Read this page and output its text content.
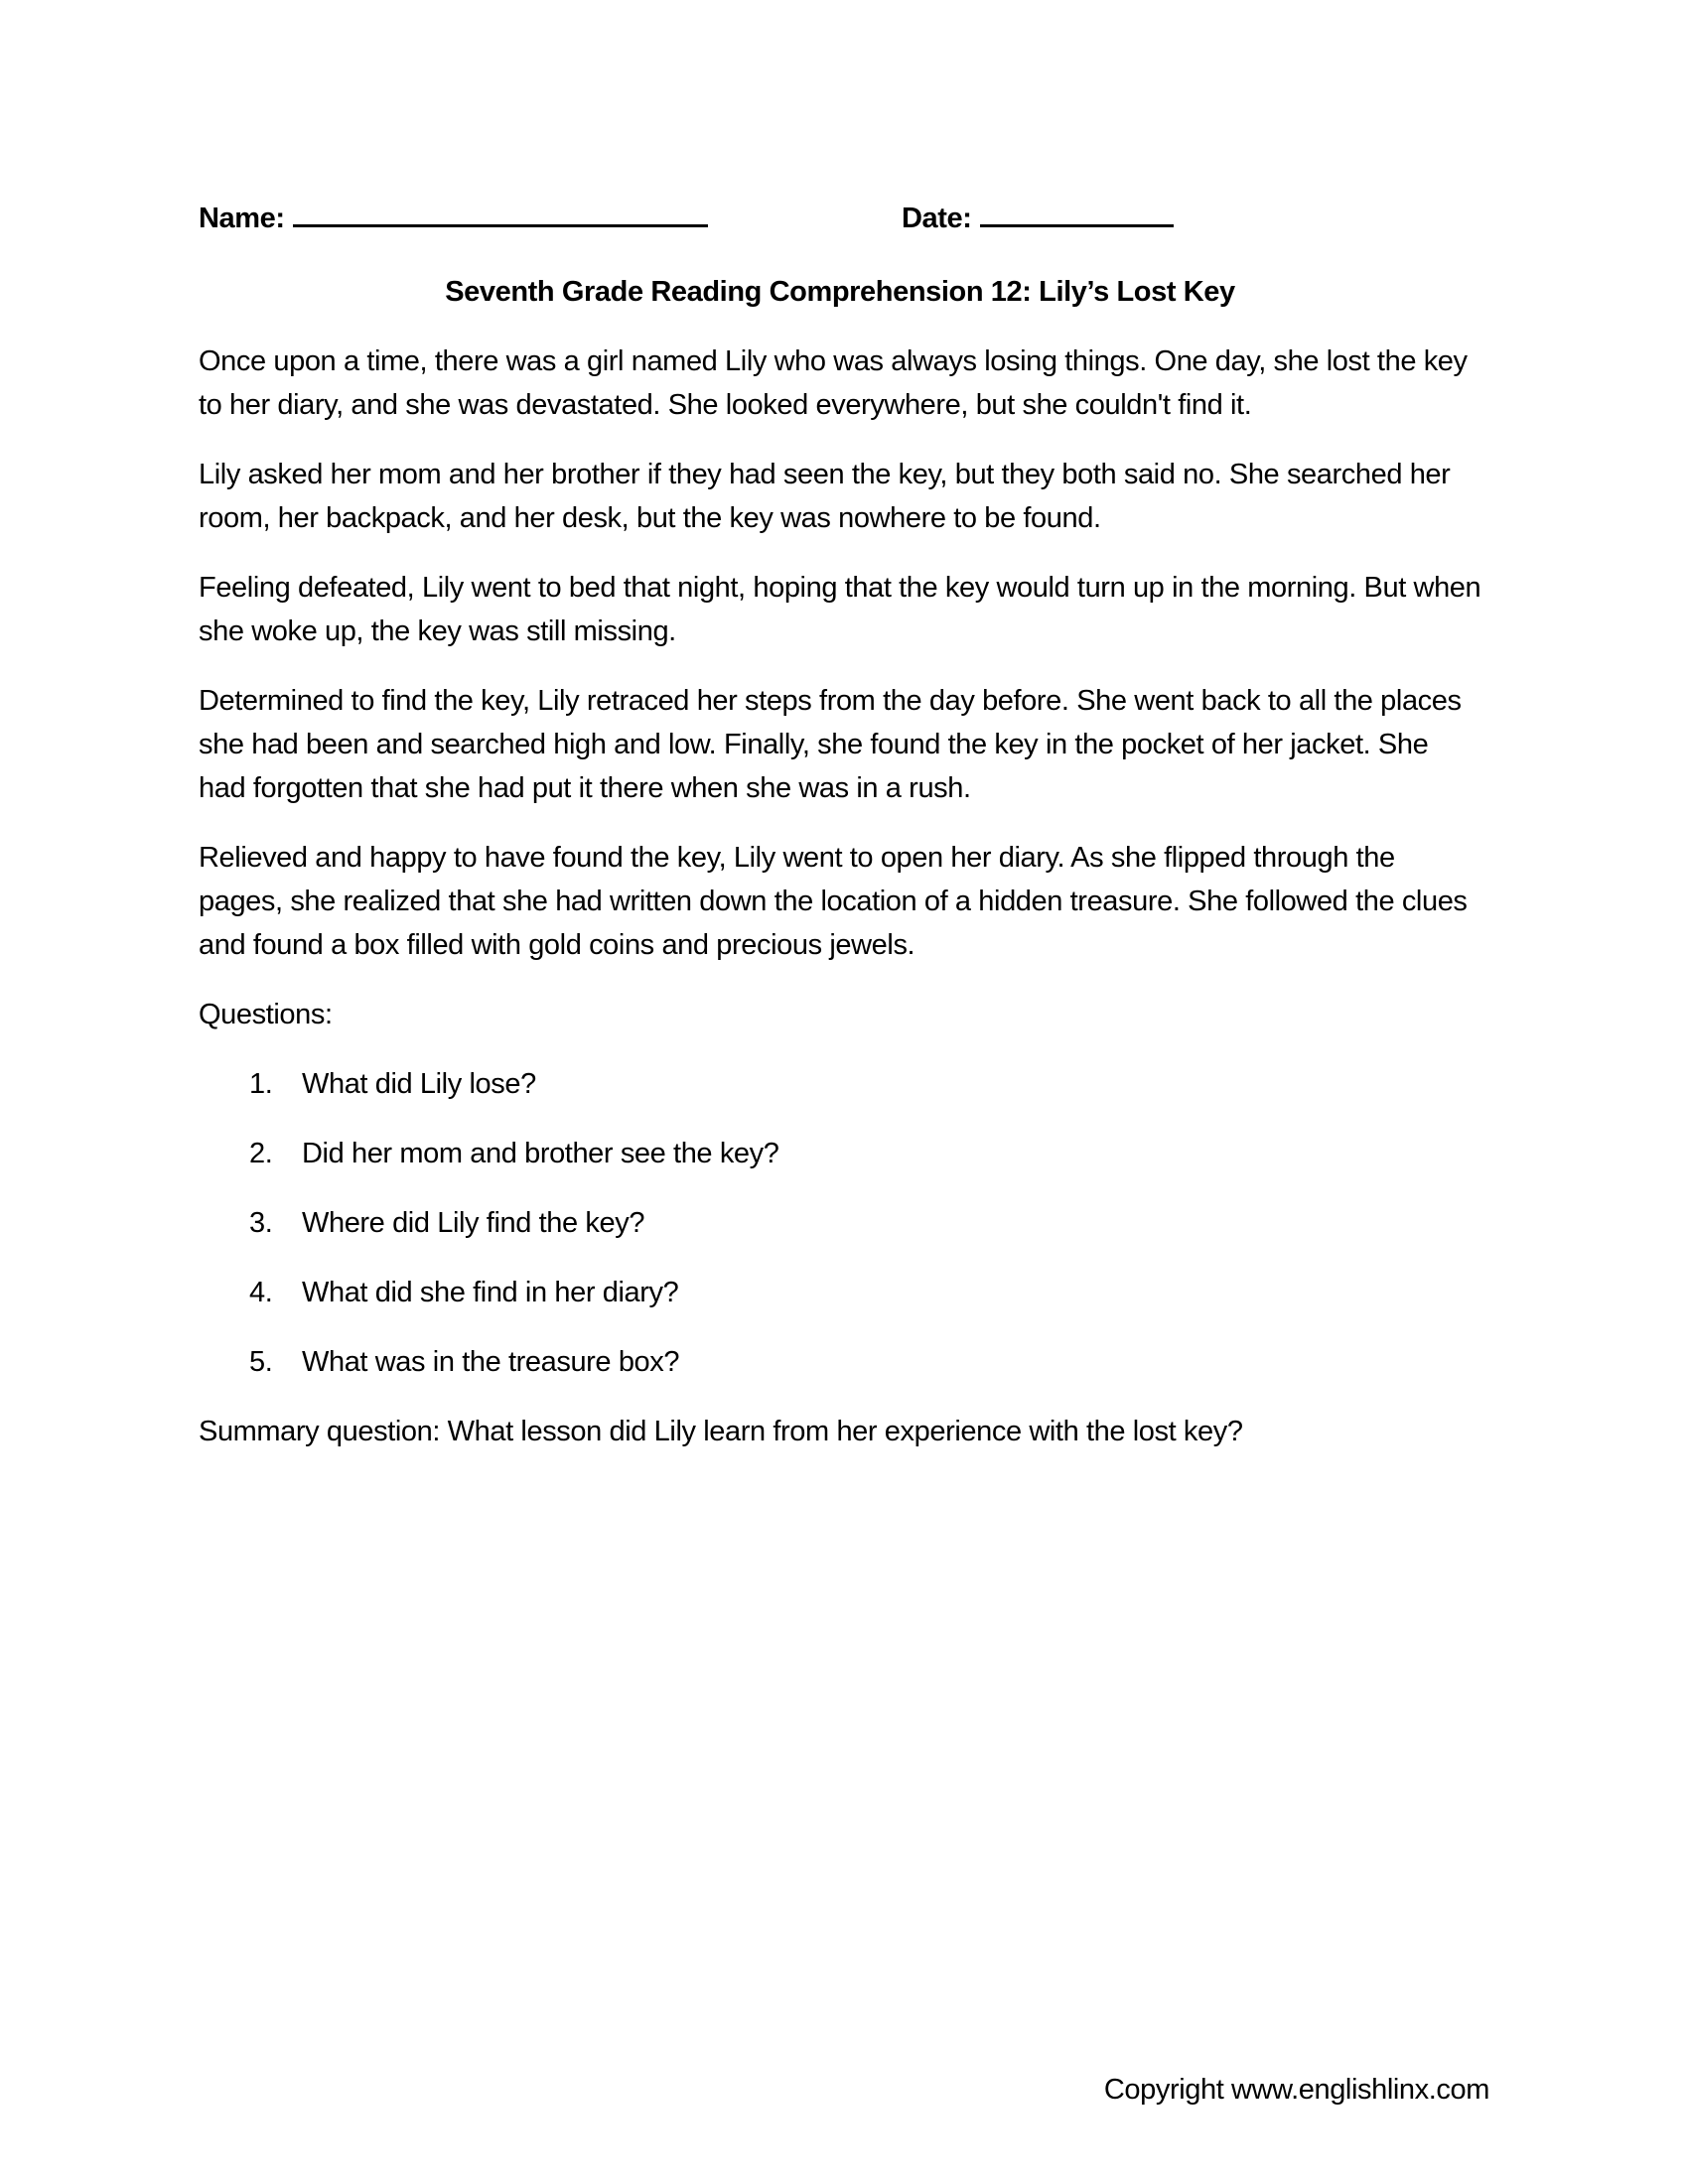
Name:	Date:
Seventh Grade Reading Comprehension 12: Lily’s Lost Key

Once upon a time, there was a girl named Lily who was always losing things. One day, she lost the key to her diary, and she was devastated. She looked everywhere, but she couldn't find it.

Lily asked her mom and her brother if they had seen the key, but they both said no. She searched her room, her backpack, and her desk, but the key was nowhere to be found.

Feeling defeated, Lily went to bed that night, hoping that the key would turn up in the morning. But when she woke up, the key was still missing.

Determined to find the key, Lily retraced her steps from the day before. She went back to all the places she had been and searched high and low. Finally, she found the key in the pocket of her jacket. She had forgotten that she had put it there when she was in a rush.

Relieved and happy to have found the key, Lily went to open her diary. As she flipped through the pages, she realized that she had written down the location of a hidden treasure. She followed the clues and found a box filled with gold coins and precious jewels.

Questions:

1.	What did Lily lose?
2.	Did her mom and brother see the key?
3.	Where did Lily find the key?
4.	What did she find in her diary?
5.	What was in the treasure box?

Summary question: What lesson did Lily learn from her experience with the lost key?

Copyright www.englishlinx.com
